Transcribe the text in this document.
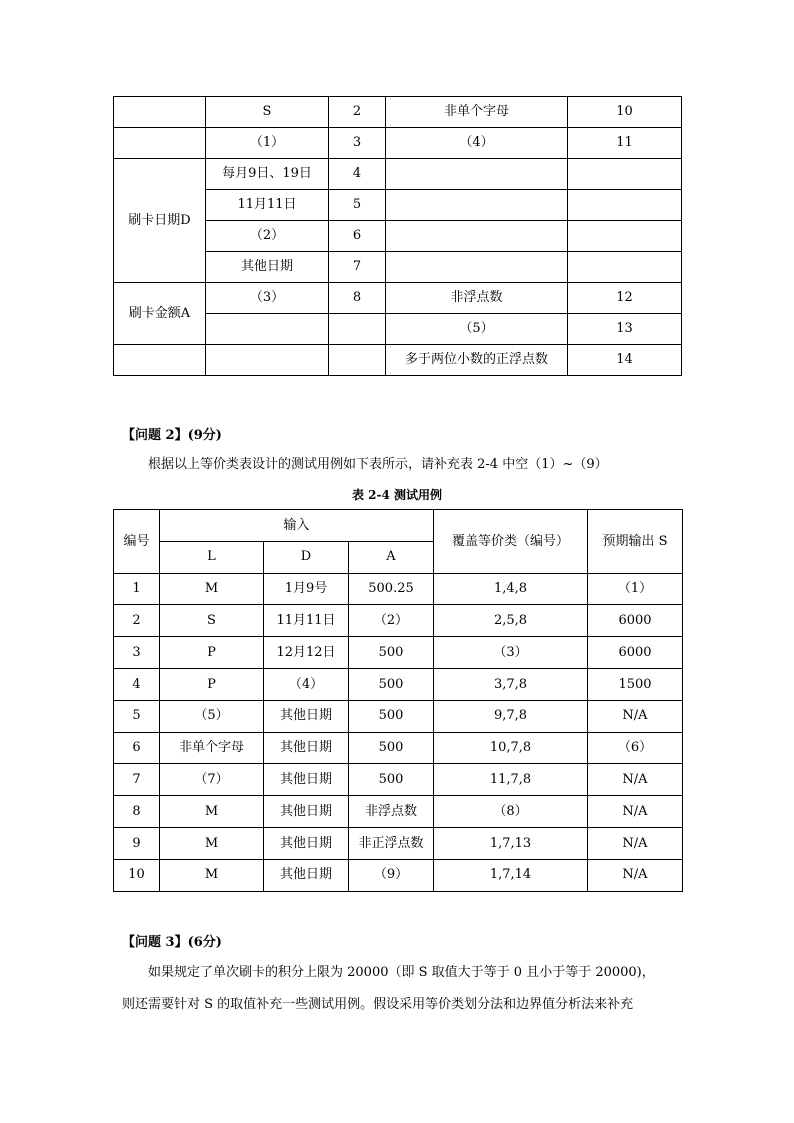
	S	2	非单个字母	10
	（1）	3	（4）	11
刷卡日期D	每月9日、19日	4		
	11月11日	5		
	（2）	6		
	其他日期	7		
刷卡金额A	（3）	8	非浮点数	12
			（5）	13
			多于两位小数的正浮点数	14
【问题 2】(9分)
根据以上等价类表设计的测试用例如下表所示，请补充表 2-4 中空（1）~（9）
表 2-4 测试用例
编号	输入			覆盖等价类（编号）	预期输出 S
	L	D	A		
1	M	1月9号	500.25	1,4,8	（1）
2	S	11月11日	（2）	2,5,8	6000
3	P	12月12日	500	（3）	6000
4	P	（4）	500	3,7,8	1500
5	（5）	其他日期	500	9,7,8	N/A
6	非单个字母	其他日期	500	10,7,8	（6）
7	（7）	其他日期	500	11,7,8	N/A
8	M	其他日期	非浮点数	（8）	N/A
9	M	其他日期	非正浮点数	1,7,13	N/A
10	M	其他日期	（9）	1,7,14	N/A
【问题 3】(6分)
如果规定了单次刷卡的积分上限为 20000（即 S 取值大于等于 0 且小于等于 20000)，
则还需要针对 S 的取值补充一些测试用例。假设采用等价类划分法和边界值分析法来补充
